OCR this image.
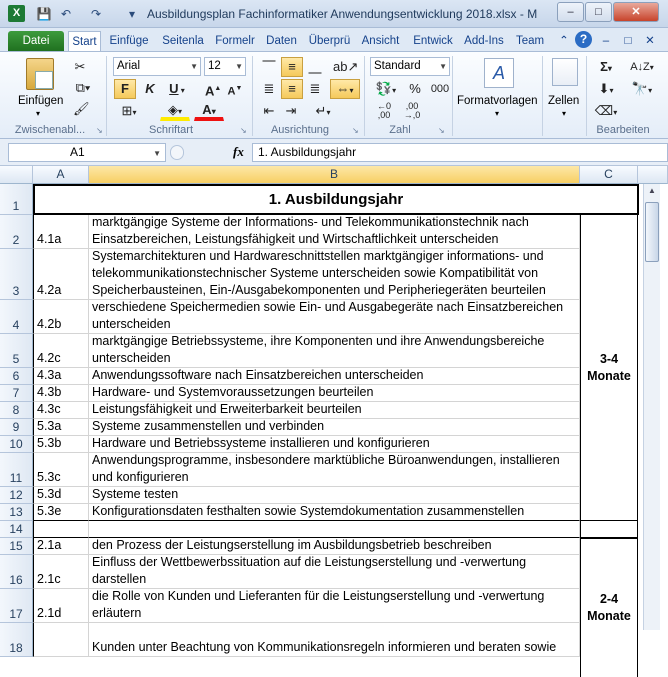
X	💾 ↶ ↷	▾ Ausbildungsplan Fachinformatiker Anwendungsentwicklung 2018.xlsx - M	–	□	✕
Datei	Start	Einfüge	Seitenla Formelr Daten	Überprü Ansicht	Entwick Add-Ins	Team	⌃ ?	–	□	✕
Einfügen
▾
✂
⧉▾
🖌
Zwischenabl...	↘
Arial	▼ 12 ▼
F	K	U ▾	A▲ A▼
⊞▾	◈▾	A▾
Schriftart	↘
⎺ ≡ ⎽ ab↗
≣	≡	≣	⇔▾
⇤ ⇥	↵▾
Ausrichtung	↘
Standard ▼
💱▾	% 000
←0
,00
,00
→,0
Zahl	↘
A
Formatvorlagen
▾
Zellen
▾
Σ▾	A↓Z▾
⬇▾	🔭▾
⌫▾
Bearbeiten
A1	▼	fx	1. Ausbildungsjahr
A	B	C
1	1. Ausbildungsjahr
2	4.1a
marktgängige Systeme der Informations- und Telekommunikationstechnik nach Einsatzbereichen, Leistungsfähigkeit und Wirtschaftlichkeit unterscheiden
3	4.2a
Systemarchitekturen und Hardwareschnittstellen marktgängiger informations- und telekommunikationstechnischer Systeme unterscheiden sowie Kompatibilität von Speicherbausteinen, Ein-/Ausgabekomponenten und Peripheriegeräten beurteilen
4	4.2b
verschiedene Speichermedien sowie Ein- und Ausgabegeräte nach Einsatzbereichen unterscheiden
5	4.2c
marktgängige Betriebssysteme, ihre Komponenten und ihre Anwendungsbereiche unterscheiden
6	4.3a	Anwendungssoftware nach Einsatzbereichen unterscheiden
7	4.3b	Hardware- und Systemvoraussetzungen beurteilen
8	4.3c	Leistungsfähigkeit und Erweiterbarkeit beurteilen
9	5.3a	Systeme zusammenstellen und verbinden
10	5.3b	Hardware und Betriebssysteme installieren und konfigurieren
11	5.3c
Anwendungsprogramme, insbesondere marktübliche Büroanwendungen, installieren und konfigurieren
12	5.3d	Systeme testen
13	5.3e	Konfigurationsdaten festhalten sowie Systemdokumentation zusammenstellen
14
15	2.1a	den Prozess der Leistungserstellung im Ausbildungsbetrieb beschreiben
16	2.1c
Einfluss der Wettbewerbssituation auf die Leistungserstellung und -verwertung darstellen
17	2.1d
die Rolle von Kunden und Lieferanten für die Leistungserstellung und -verwertung erläutern
18	Kunden unter Beachtung von Kommunikationsregeln informieren und beraten sowie
3-4
Monate
2-4
Monate
▲
